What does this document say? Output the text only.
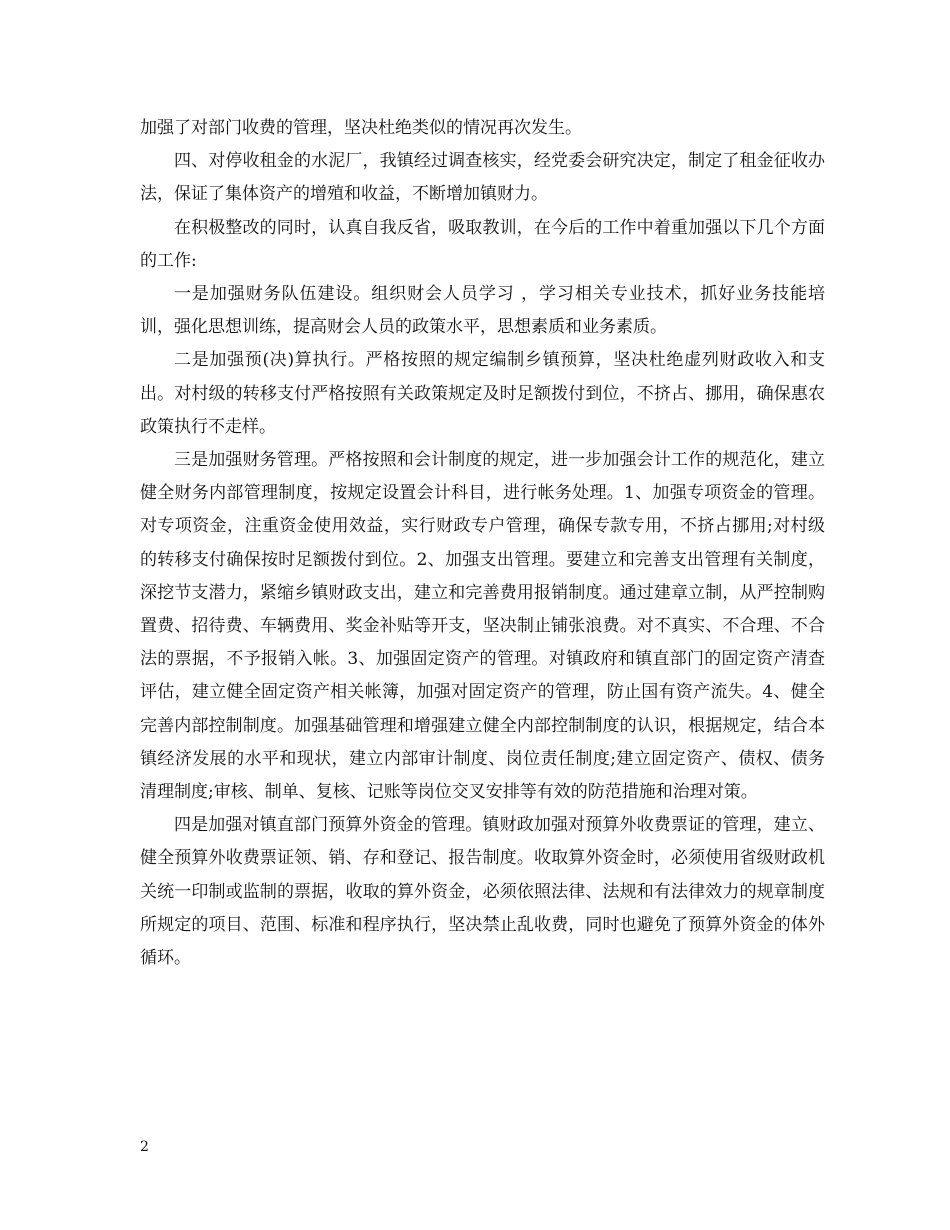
加强了对部门收费的管理，坚决杜绝类似的情况再次发生。

四、对停收租金的水泥厂，我镇经过调查核实，经党委会研究决定，制定了租金征收办法，保证了集体资产的增殖和收益，不断增加镇财力。

在积极整改的同时，认真自我反省，吸取教训，在今后的工作中着重加强以下几个方面的工作:

一是加强财务队伍建设。组织财会人员学习 ，学习相关专业技术，抓好业务技能培训，强化思想训练，提高财会人员的政策水平，思想素质和业务素质。

二是加强预(决)算执行。严格按照的规定编制乡镇预算，坚决杜绝虚列财政收入和支出。对村级的转移支付严格按照有关政策规定及时足额拨付到位，不挤占、挪用，确保惠农政策执行不走样。

三是加强财务管理。严格按照和会计制度的规定，进一步加强会计工作的规范化，建立健全财务内部管理制度，按规定设置会计科目，进行帐务处理。1、加强专项资金的管理。对专项资金，注重资金使用效益，实行财政专户管理，确保专款专用，不挤占挪用;对村级的转移支付确保按时足额拨付到位。2、加强支出管理。要建立和完善支出管理有关制度，深挖节支潜力，紧缩乡镇财政支出，建立和完善费用报销制度。通过建章立制，从严控制购置费、招待费、车辆费用、奖金补贴等开支，坚决制止铺张浪费。对不真实、不合理、不合法的票据，不予报销入帐。3、加强固定资产的管理。对镇政府和镇直部门的固定资产清查评估，建立健全固定资产相关帐簿，加强对固定资产的管理，防止国有资产流失。4、健全完善内部控制制度。加强基础管理和增强建立健全内部控制制度的认识，根据规定，结合本镇经济发展的水平和现状，建立内部审计制度、岗位责任制度;建立固定资产、债权、债务清理制度;审核、制单、复核、记账等岗位交叉安排等有效的防范措施和治理对策。

四是加强对镇直部门预算外资金的管理。镇财政加强对预算外收费票证的管理，建立、健全预算外收费票证领、销、存和登记、报告制度。收取算外资金时，必须使用省级财政机关统一印制或监制的票据，收取的算外资金，必须依照法律、法规和有法律效力的规章制度所规定的项目、范围、标准和程序执行，坚决禁止乱收费，同时也避免了预算外资金的体外循环。

2
